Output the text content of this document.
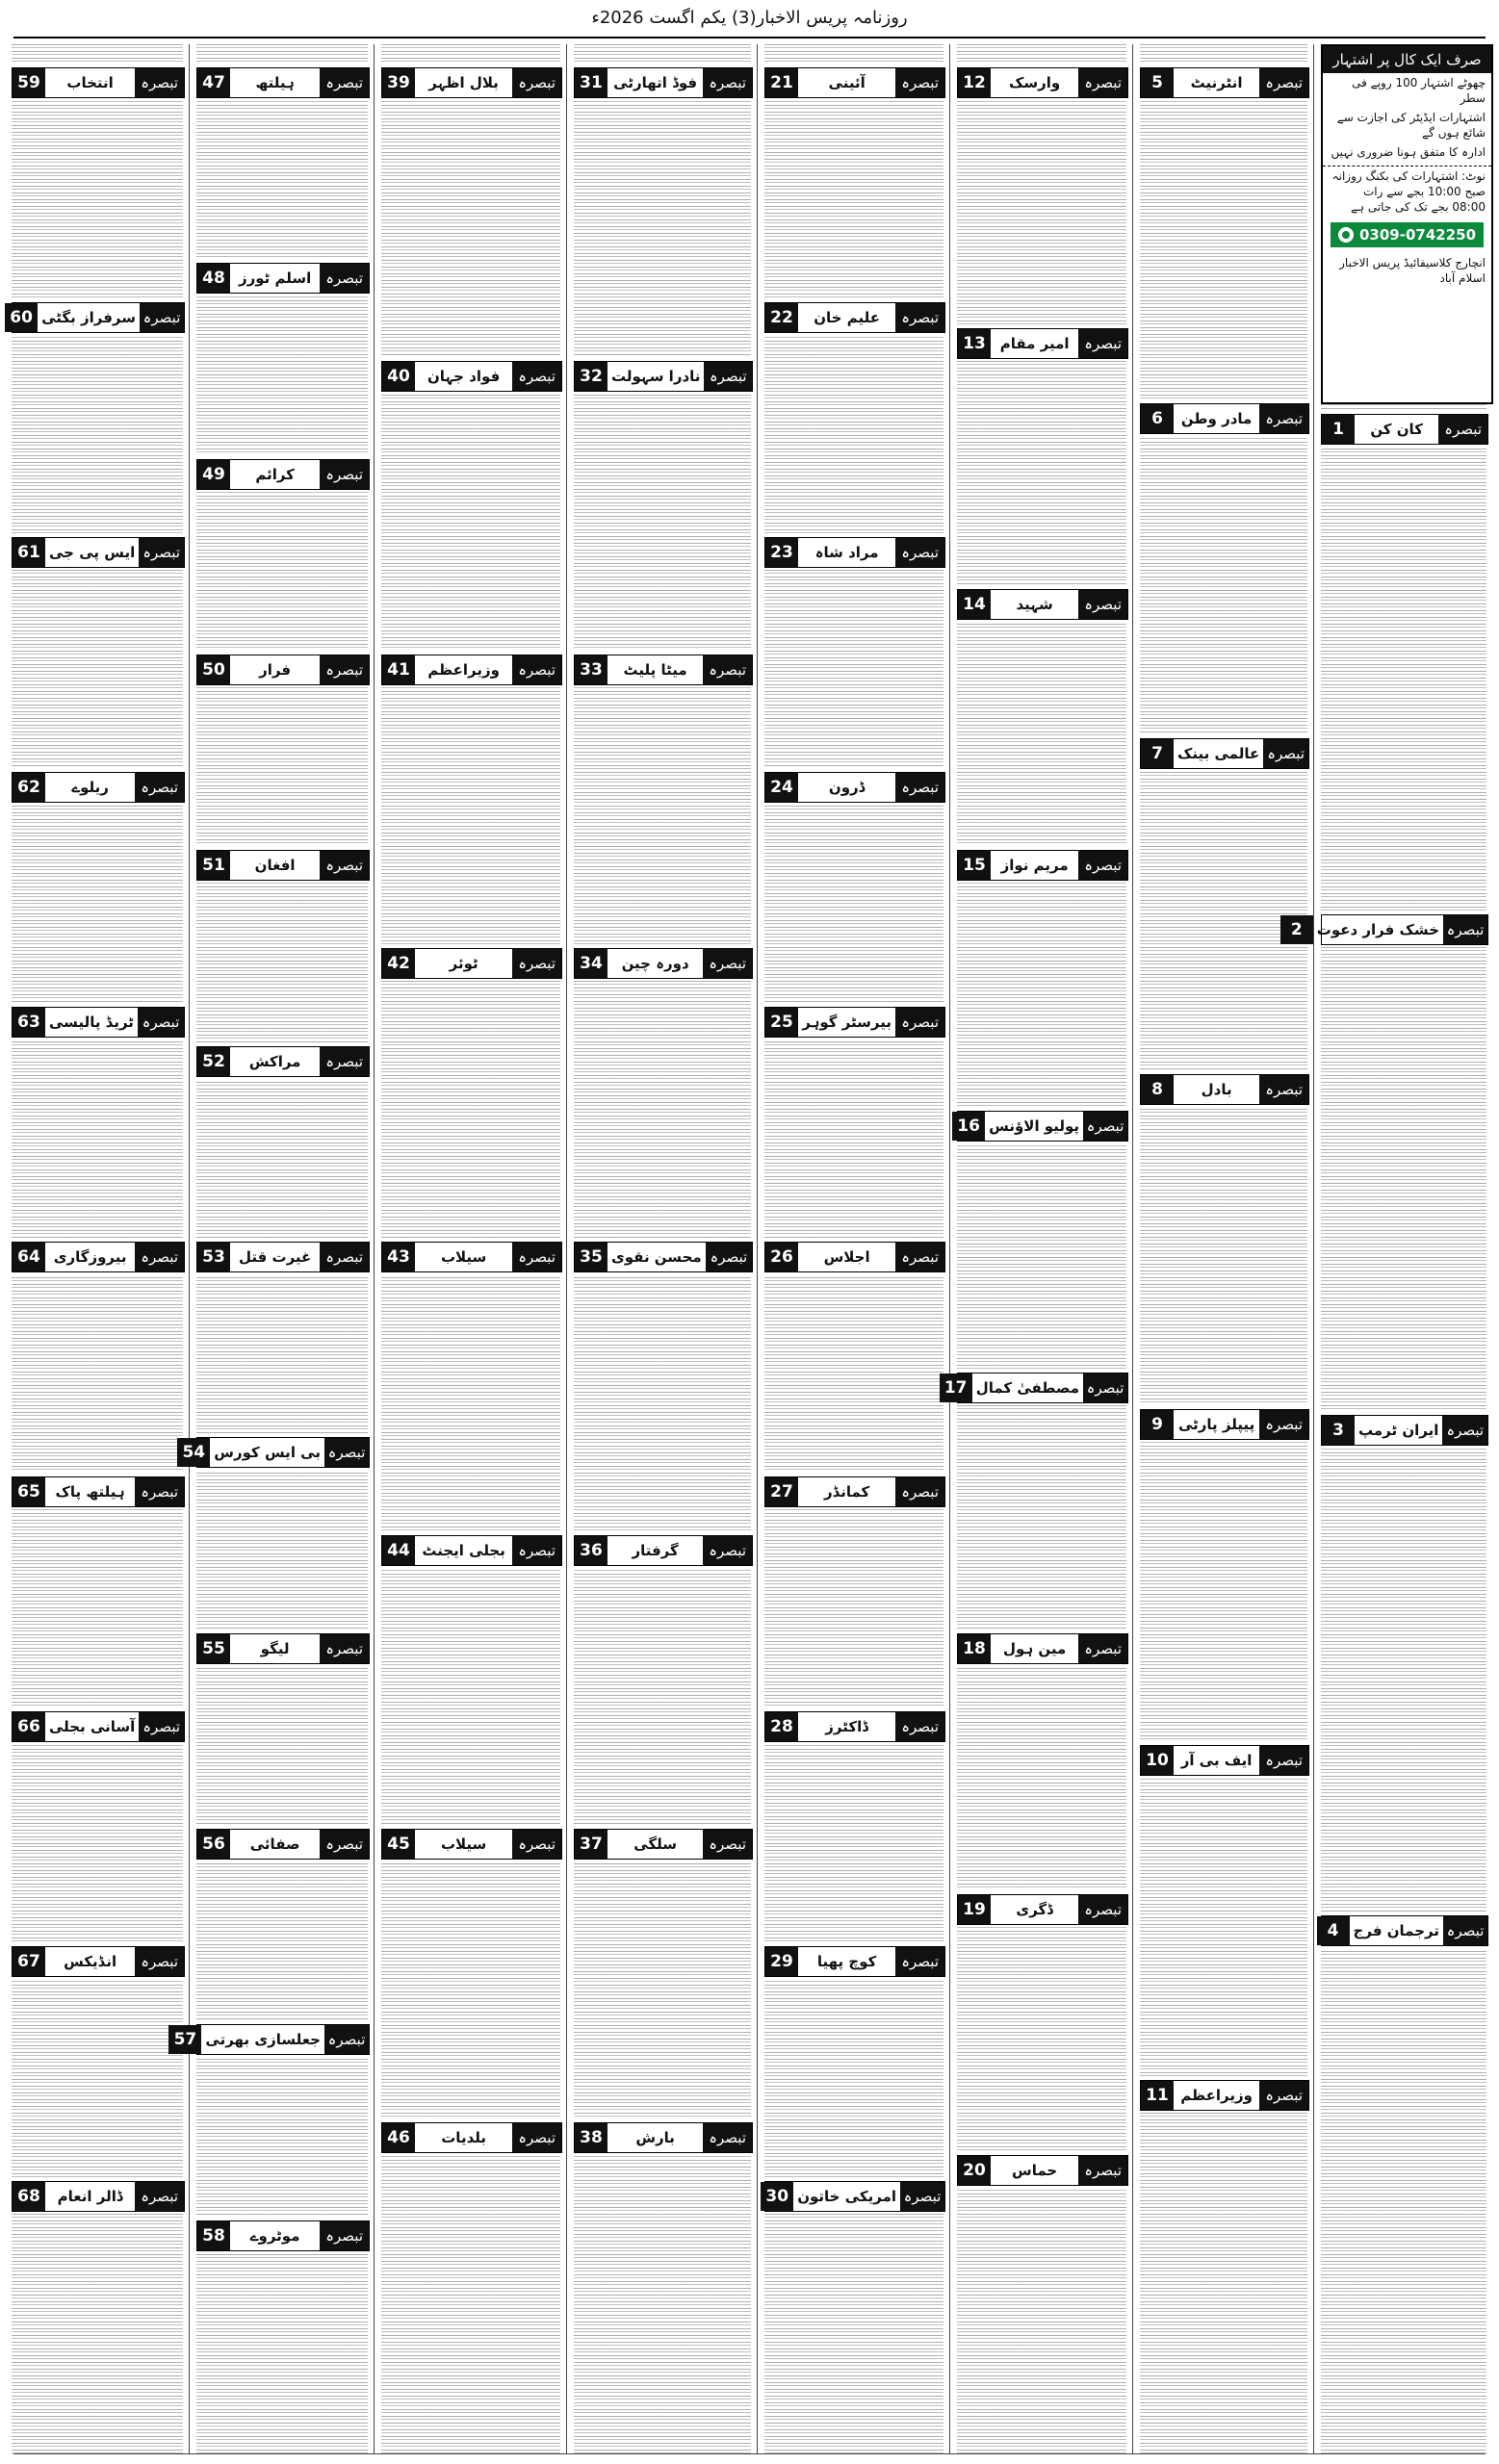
روزنامہ پریس الاخبار(3) یکم اگست 2026ء
تبصرہ
کان کن
1
تبصرہ
خشک فرار دعوت
2
تبصرہ
ایران ٹرمپ
3
تبصرہ
ترجمان فرج
4
تبصرہ
انٹرنیٹ
5
تبصرہ
مادر وطن
6
تبصرہ
عالمی بینک
7
تبصرہ
بادل
8
تبصرہ
پیپلز پارٹی
9
تبصرہ
ایف بی آر
10
تبصرہ
وزیراعظم
11
تبصرہ
وارسک
12
تبصرہ
امیر مقام
13
تبصرہ
شہید
14
تبصرہ
مریم نواز
15
تبصرہ
پولیو الاؤنس
16
تبصرہ
مصطفیٰ کمال
17
تبصرہ
مین ہول
18
تبصرہ
ڈگری
19
تبصرہ
حماس
20
تبصرہ
آئینی
21
تبصرہ
علیم خان
22
تبصرہ
مراد شاہ
23
تبصرہ
ڈرون
24
تبصرہ
بیرسٹر گوہر
25
تبصرہ
اجلاس
26
تبصرہ
کمانڈر
27
تبصرہ
ڈاکٹرز
28
تبصرہ
کوچ پھیا
29
تبصرہ
امریکی خاتون
30
تبصرہ
فوڈ اتھارٹی
31
تبصرہ
نادرا سہولت
32
تبصرہ
میٹا پلیٹ
33
تبصرہ
دورہ چین
34
تبصرہ
محسن نقوی
35
تبصرہ
گرفتار
36
تبصرہ
سلگی
37
تبصرہ
بارش
38
تبصرہ
بلال اظہر
39
تبصرہ
فواد جہان
40
تبصرہ
وزیراعظم
41
تبصرہ
ٹوئر
42
تبصرہ
سیلاب
43
تبصرہ
بجلی ایجنٹ
44
تبصرہ
سیلاب
45
تبصرہ
بلدیات
46
تبصرہ
ہیلتھ
47
تبصرہ
اسلم ٹورز
48
تبصرہ
کرائم
49
تبصرہ
فرار
50
تبصرہ
افغان
51
تبصرہ
مراکش
52
تبصرہ
غیرت قتل
53
تبصرہ
بی ایس کورس
54
تبصرہ
لیگو
55
تبصرہ
صفائی
56
تبصرہ
جعلسازی بھرتی
57
تبصرہ
موٹروے
58
تبصرہ
انتخاب
59
تبصرہ
سرفراز بگٹی
60
تبصرہ
ایس پی جی
61
تبصرہ
ریلوے
62
تبصرہ
ٹریڈ پالیسی
63
تبصرہ
بیروزگاری
64
تبصرہ
ہیلتھ پاک
65
تبصرہ
آسانی بجلی
66
تبصرہ
انڈیکس
67
تبصرہ
ڈالر انعام
68
صرف ایک کال پر اشتہار
چھوٹے اشتہار 100 روپے فی سطر
اشتہارات ایڈیٹر کی اجازت سے شائع ہوں گے
ادارہ کا متفق ہونا ضروری نہیں
نوٹ: اشتہارات کی بکنگ روزانہ صبح 10:00 بجے سے رات 08:00 بجے تک کی جاتی ہے
0309-0742250
انچارج کلاسیفائیڈ پریس الاخبار اسلام آباد
